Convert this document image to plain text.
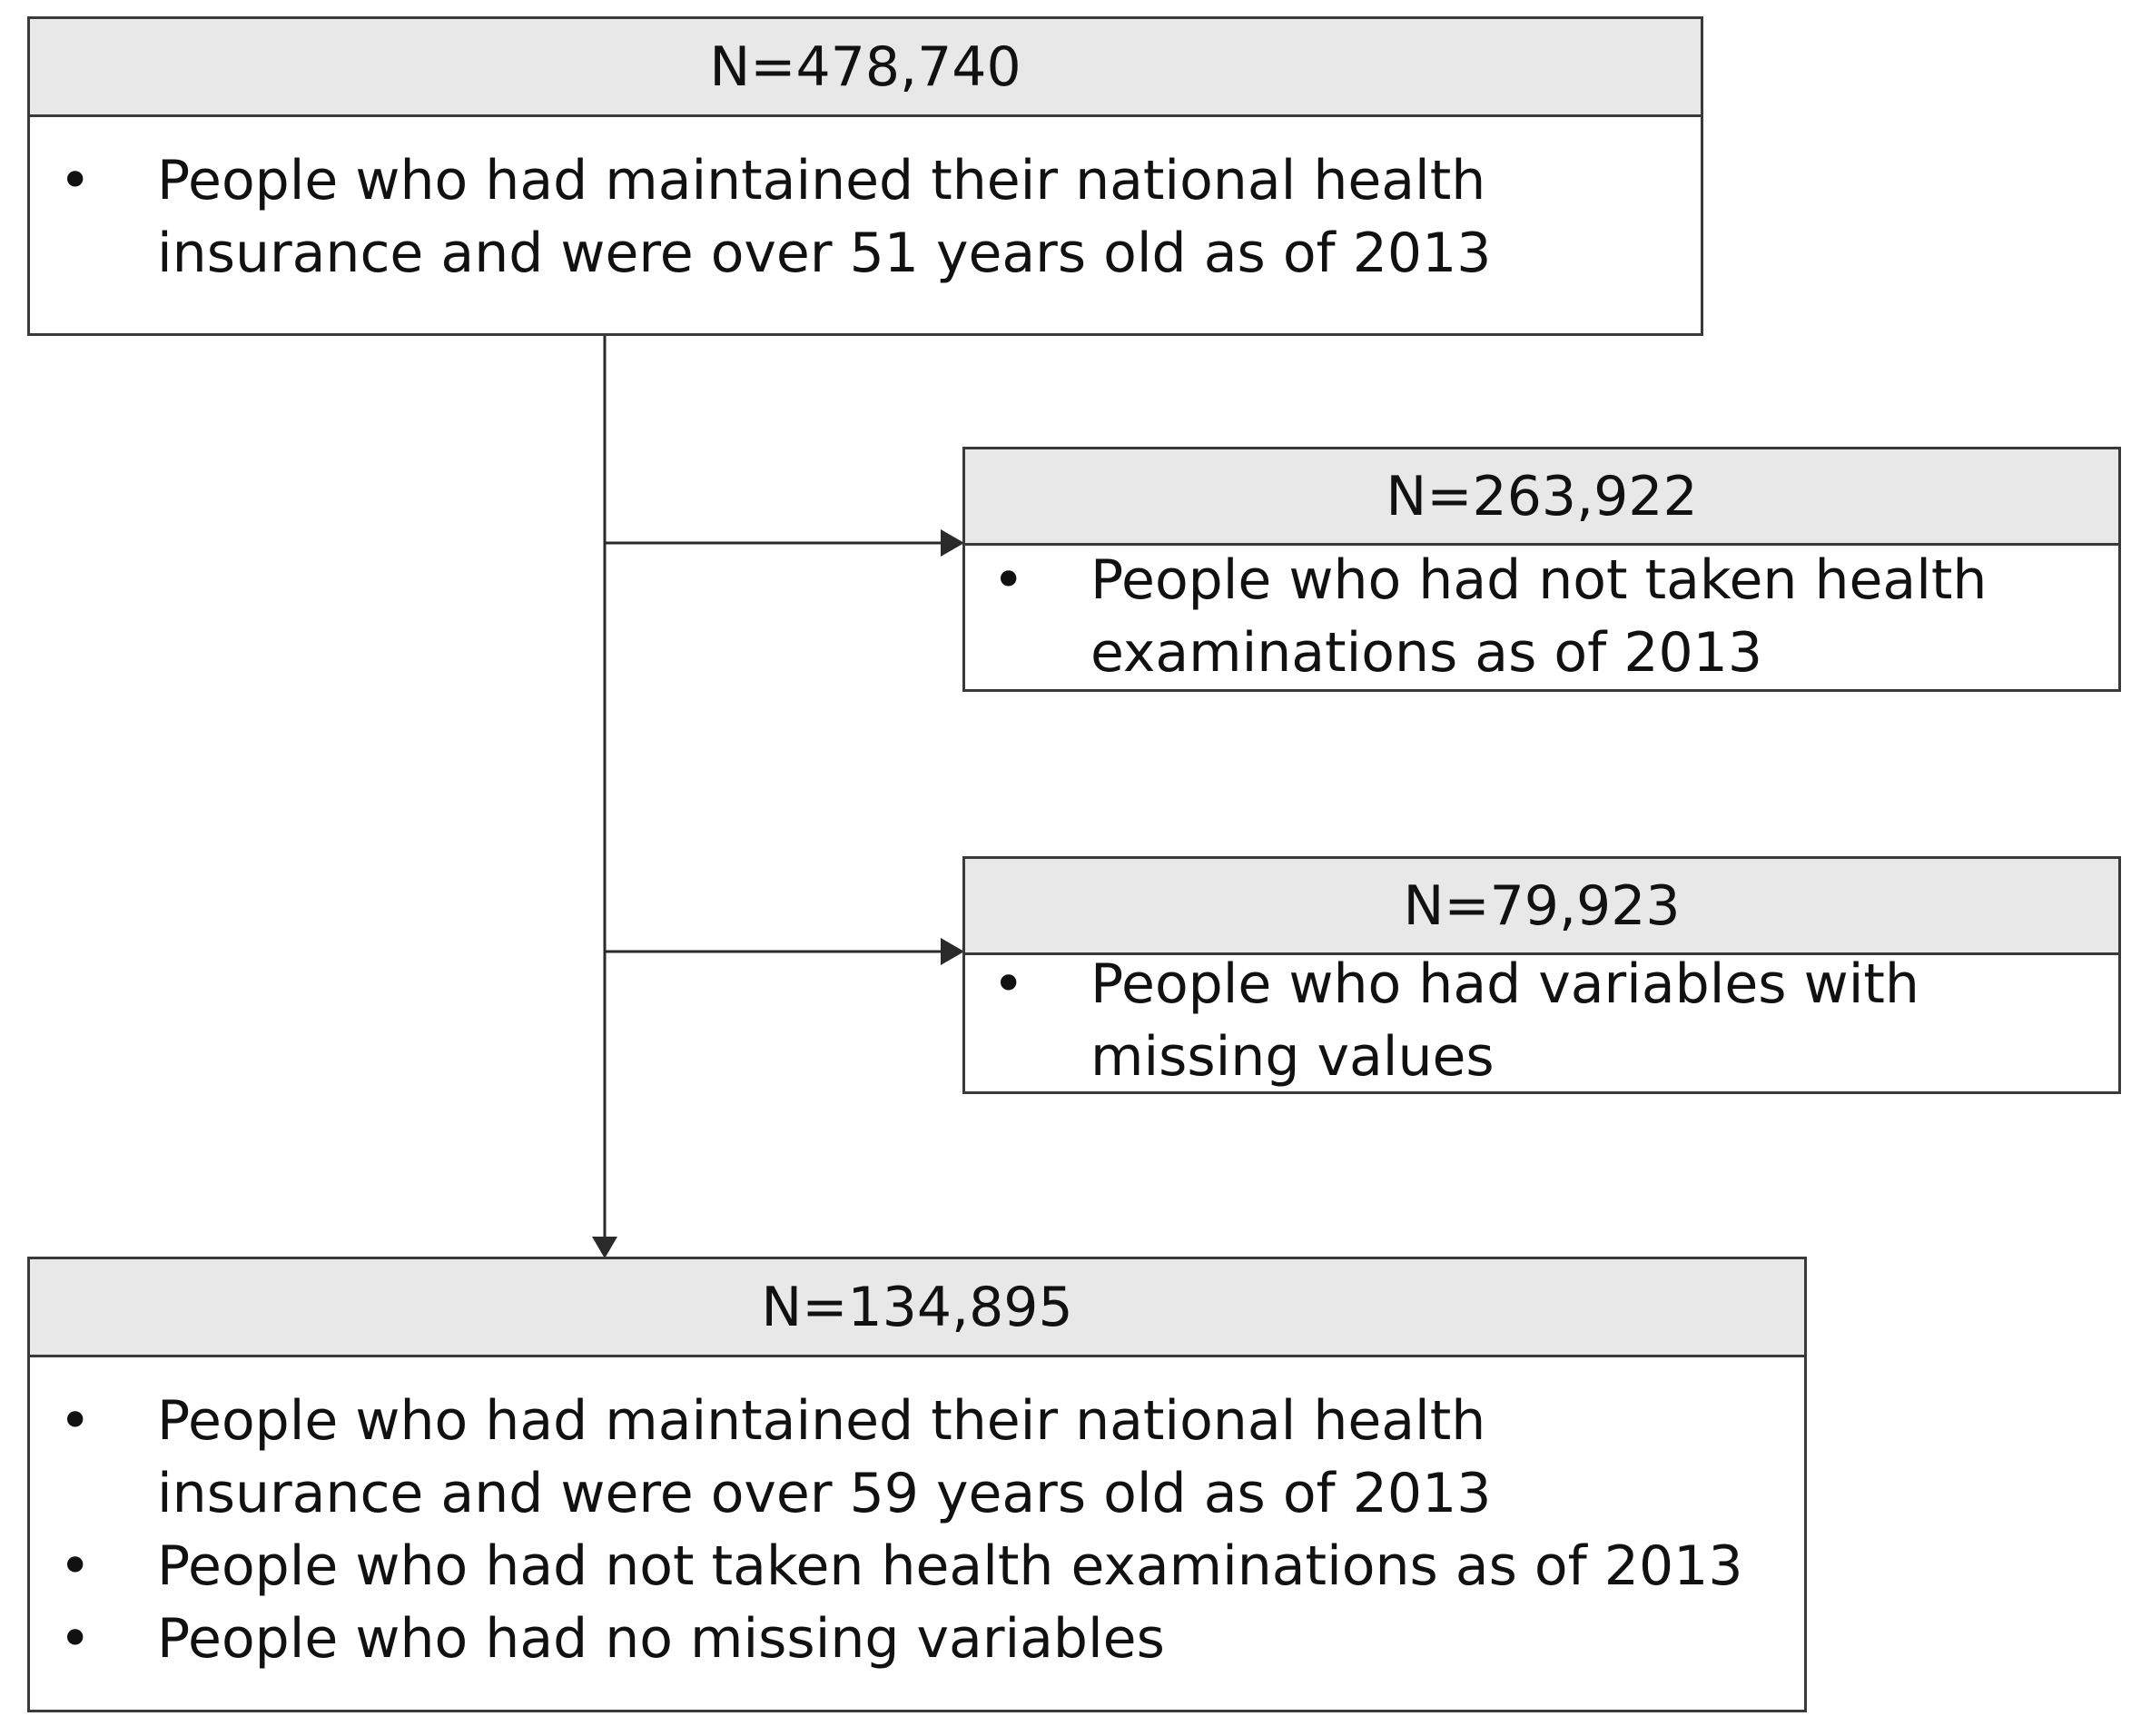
N=478,740
• People who had maintained their national health
insurance and were over 51 years old as of 2013
N=263,922
• People who had not taken health
examinations as of 2013
N=79,923
• People who had variables with
missing values
N=134,895
• People who had maintained their national health
insurance and were over 59 years old as of 2013
• People who had not taken health examinations as of 2013
• People who had no missing variables
